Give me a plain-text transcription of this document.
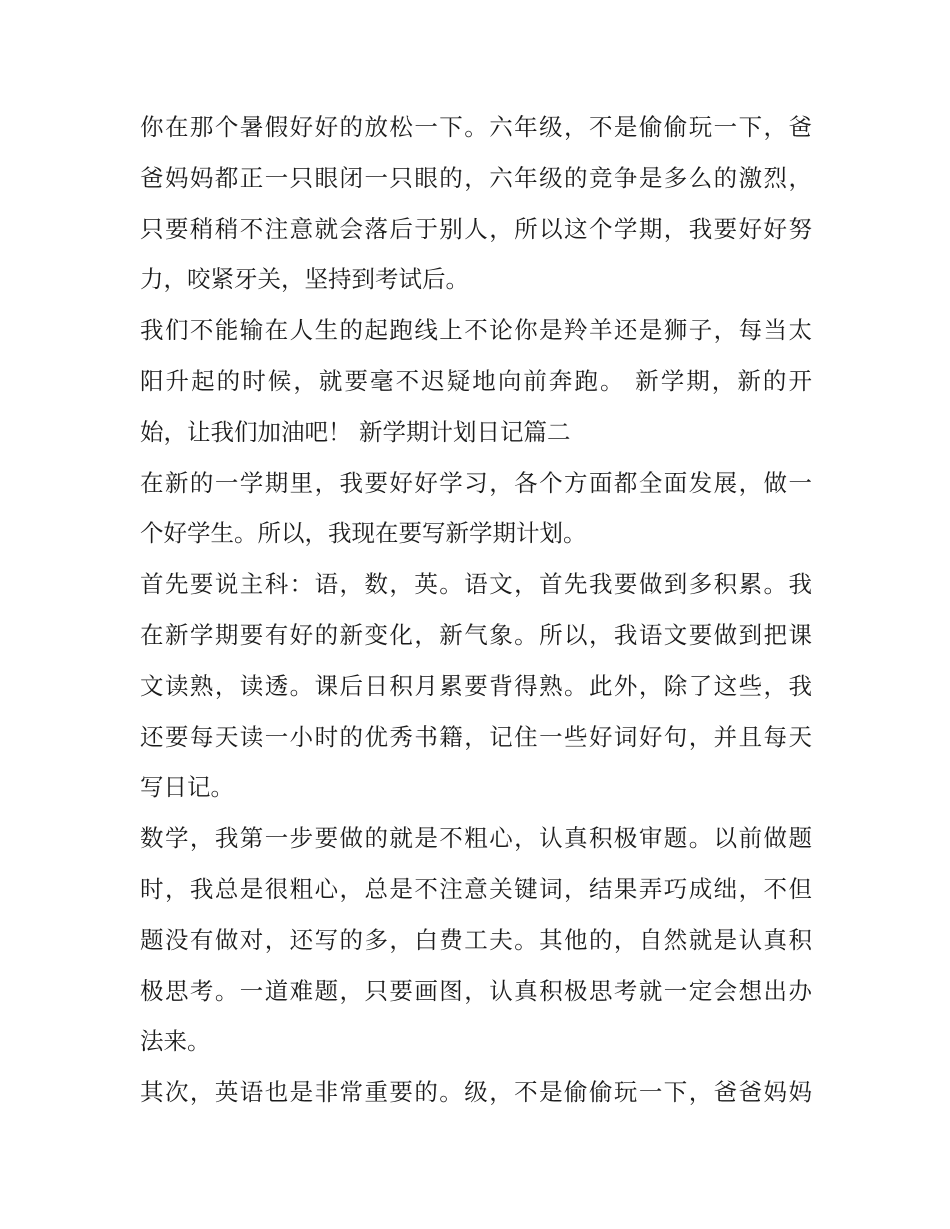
你在那个暑假好好的放松一下。六年级，不是偷偷玩一下，爸
爸妈妈都正一只眼闭一只眼的，六年级的竞争是多么的激烈，
只要稍稍不注意就会落后于别人，所以这个学期，我要好好努
力，咬紧牙关，坚持到考试后。
我们不能输在人生的起跑线上不论你是羚羊还是狮子，每当太
阳升起的时候，就要毫不迟疑地向前奔跑。 新学期，新的开
始，让我们加油吧！ 新学期计划日记篇二
在新的一学期里，我要好好学习，各个方面都全面发展，做一
个好学生。所以，我现在要写新学期计划。
首先要说主科：语，数，英。语文，首先我要做到多积累。我
在新学期要有好的新变化，新气象。所以，我语文要做到把课
文读熟，读透。课后日积月累要背得熟。此外，除了这些，我
还要每天读一小时的优秀书籍，记住一些好词好句，并且每天
写日记。
数学，我第一步要做的就是不粗心，认真积极审题。以前做题
时，我总是很粗心，总是不注意关键词，结果弄巧成绌，不但
题没有做对，还写的多，白费工夫。其他的，自然就是认真积
极思考。一道难题，只要画图，认真积极思考就一定会想出办
法来。
其次，英语也是非常重要的。级，不是偷偷玩一下，爸爸妈妈
